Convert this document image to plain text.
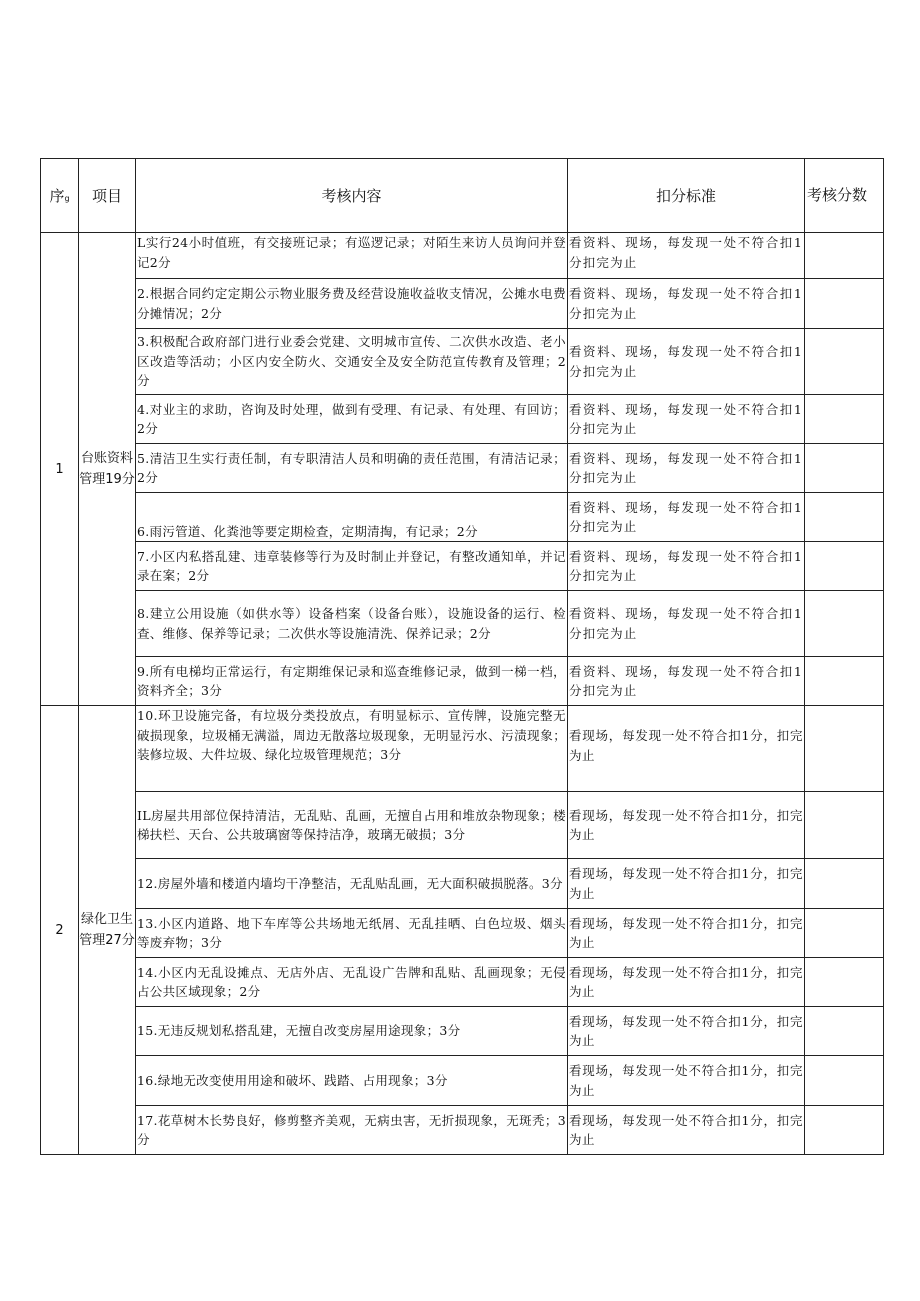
序g	项目	考核内容	扣分标准	考核分数
1	台账资料管理19分	L实行24小时值班，有交接班记录；有巡逻记录；对陌生来访人员询问并登记2分	看资料、现场，每发现一处不符合扣1分扣完为止	
		2.根据合同约定定期公示物业服务费及经营设施收益收支情况，公摊水电费分摊情况；2分	看资料、现场，每发现一处不符合扣1分扣完为止	
		3.积极配合政府部门进行业委会党建、文明城市宣传、二次供水改造、老小区改造等活动；小区内安全防火、交通安全及安全防范宣传教育及管理；2分	看资料、现场，每发现一处不符合扣1分扣完为止	
		4.对业主的求助，咨询及时处理，做到有受理、有记录、有处理、有回访；2分	看资料、现场，每发现一处不符合扣1分扣完为止	
		5.清洁卫生实行责任制，有专职清洁人员和明确的责任范围，有清洁记录；2分	看资料、现场，每发现一处不符合扣1分扣完为止	
		6.雨污管道、化粪池等要定期检查，定期清掏，有记录；2分	看资料、现场，每发现一处不符合扣1分扣完为止	
		7.小区内私搭乱建、违章装修等行为及时制止并登记，有整改通知单，并记录在案；2分	看资料、现场，每发现一处不符合扣1分扣完为止	
		8.建立公用设施（如供水等）设备档案（设备台账），设施设备的运行、检查、维修、保养等记录；二次供水等设施清洗、保养记录；2分	看资料、现场，每发现一处不符合扣1分扣完为止	
		9.所有电梯均正常运行，有定期维保记录和巡查维修记录，做到一梯一档，资料齐全；3分	看资料、现场，每发现一处不符合扣1分扣完为止	
2	绿化卫生管理27分	10.环卫设施完备，有垃圾分类投放点，有明显标示、宣传牌，设施完整无破损现象，垃圾桶无满溢，周边无散落垃圾现象，无明显污水、污渍现象；装修垃圾、大件垃圾、绿化垃圾管理规范；3分	看现场，每发现一处不符合扣1分，扣完为止	
		IL房屋共用部位保持清洁，无乱贴、乱画，无擅自占用和堆放杂物现象；楼梯扶栏、天台、公共玻璃窗等保持洁净，玻璃无破损；3分	看现场，每发现一处不符合扣1分，扣完为止	
		12.房屋外墙和楼道内墙均干净整洁，无乱贴乱画，无大面积破损脱落。3分	看现场，每发现一处不符合扣1分，扣完为止	
		13.小区内道路、地下车库等公共场地无纸屑、无乱挂晒、白色垃圾、烟头等废弃物；3分	看现场，每发现一处不符合扣1分，扣完为止	
		14.小区内无乱设摊点、无店外店、无乱设广告牌和乱贴、乱画现象；无侵占公共区域现象；2分	看现场，每发现一处不符合扣1分，扣完为止	
		15.无违反规划私搭乱建，无擅自改变房屋用途现象；3分	看现场，每发现一处不符合扣1分，扣完为止	
		16.绿地无改变使用用途和破坏、践踏、占用现象；3分	看现场，每发现一处不符合扣1分，扣完为止	
		17.花草树木长势良好，修剪整齐美观，无病虫害，无折损现象，无斑秃；3分	看现场，每发现一处不符合扣1分，扣完为止	
